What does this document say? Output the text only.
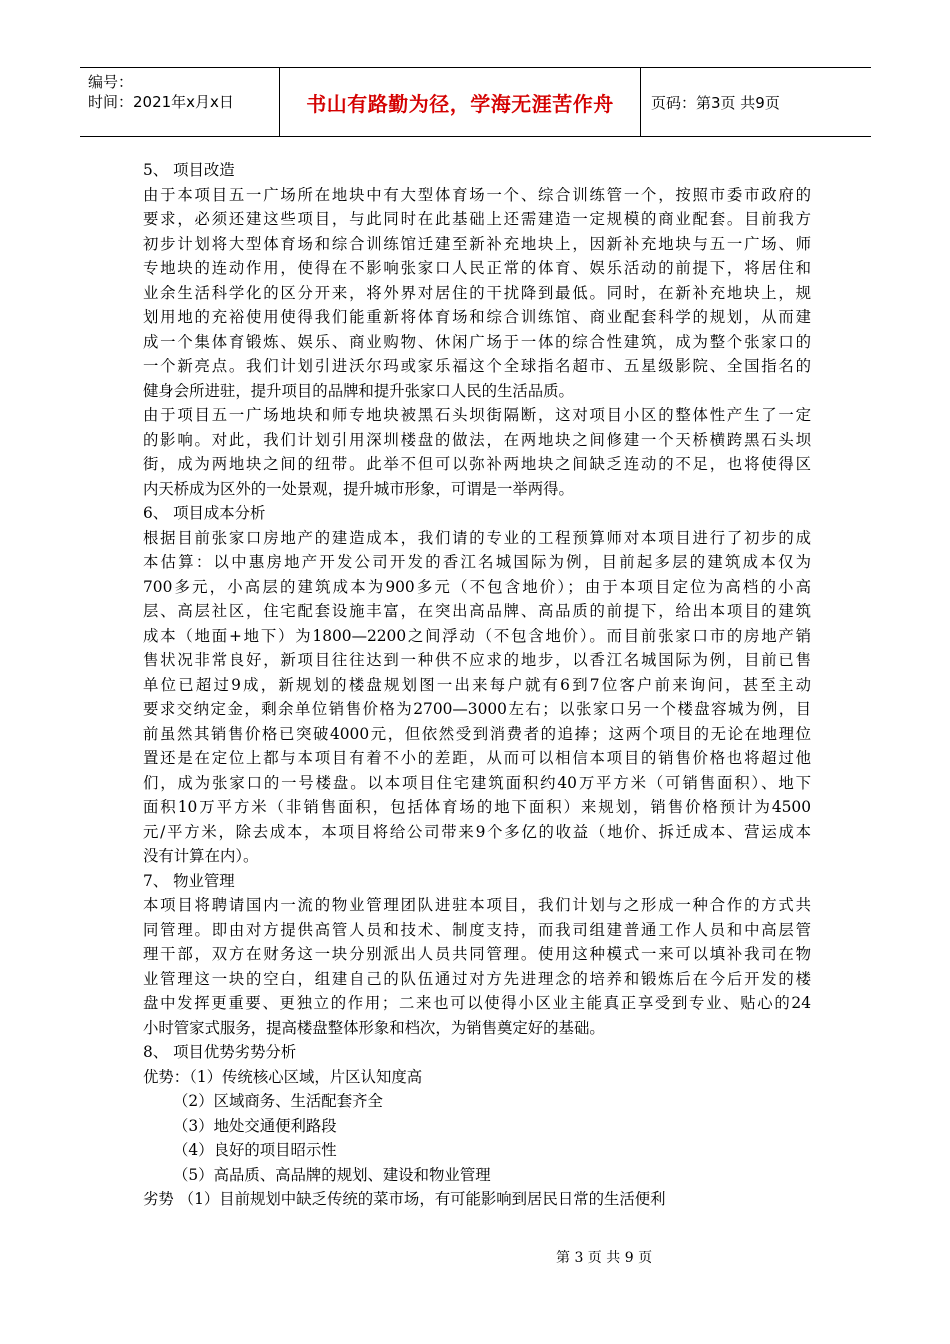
编号：
时间：2021年x月x日	书山有路勤为径，学海无涯苦作舟	页码：第3页 共9页
5、 项目改造
由于本项目五一广场所在地块中有大型体育场一个、综合训练管一个，按照市委市政府的
要求，必须还建这些项目，与此同时在此基础上还需建造一定规模的商业配套。目前我方
初步计划将大型体育场和综合训练馆迁建至新补充地块上，因新补充地块与五一广场、师
专地块的连动作用，使得在不影响张家口人民正常的体育、娱乐活动的前提下，将居住和
业余生活科学化的区分开来，将外界对居住的干扰降到最低。同时，在新补充地块上，规
划用地的充裕使用使得我们能重新将体育场和综合训练馆、商业配套科学的规划，从而建
成一个集体育锻炼、娱乐、商业购物、休闲广场于一体的综合性建筑，成为整个张家口的
一个新亮点。我们计划引进沃尔玛或家乐福这个全球指名超市、五星级影院、全国指名的
健身会所进驻，提升项目的品牌和提升张家口人民的生活品质。
由于项目五一广场地块和师专地块被黑石头坝街隔断，这对项目小区的整体性产生了一定
的影响。对此，我们计划引用深圳楼盘的做法，在两地块之间修建一个天桥横跨黑石头坝
街，成为两地块之间的纽带。此举不但可以弥补两地块之间缺乏连动的不足，也将使得区
内天桥成为区外的一处景观，提升城市形象，可谓是一举两得。
6、 项目成本分析
根据目前张家口房地产的建造成本，我们请的专业的工程预算师对本项目进行了初步的成
本估算：以中惠房地产开发公司开发的香江名城国际为例，目前起多层的建筑成本仅为
700多元，小高层的建筑成本为900多元（不包含地价）；由于本项目定位为高档的小高
层、高层社区，住宅配套设施丰富，在突出高品牌、高品质的前提下，给出本项目的建筑
成本（地面+地下）为1800—2200之间浮动（不包含地价）。而目前张家口市的房地产销
售状况非常良好，新项目往往达到一种供不应求的地步，以香江名城国际为例，目前已售
单位已超过9成，新规划的楼盘规划图一出来每户就有6到7位客户前来询问，甚至主动
要求交纳定金，剩余单位销售价格为2700—3000左右；以张家口另一个楼盘容城为例，目
前虽然其销售价格已突破4000元，但依然受到消费者的追捧；这两个项目的无论在地理位
置还是在定位上都与本项目有着不小的差距，从而可以相信本项目的销售价格也将超过他
们，成为张家口的一号楼盘。以本项目住宅建筑面积约40万平方米（可销售面积）、地下
面积10万平方米（非销售面积，包括体育场的地下面积）来规划，销售价格预计为4500
元/平方米，除去成本，本项目将给公司带来9个多亿的收益（地价、拆迁成本、营运成本
没有计算在内）。
7、 物业管理
本项目将聘请国内一流的物业管理团队进驻本项目，我们计划与之形成一种合作的方式共
同管理。即由对方提供高管人员和技术、制度支持，而我司组建普通工作人员和中高层管
理干部，双方在财务这一块分别派出人员共同管理。使用这种模式一来可以填补我司在物
业管理这一块的空白，组建自己的队伍通过对方先进理念的培养和锻炼后在今后开发的楼
盘中发挥更重要、更独立的作用；二来也可以使得小区业主能真正享受到专业、贴心的24
小时管家式服务，提高楼盘整体形象和档次，为销售奠定好的基础。
8、 项目优势劣势分析
优势：（1）传统核心区域，片区认知度高
（2）区域商务、生活配套齐全
（3）地处交通便利路段
（4）良好的项目昭示性
（5）高品质、高品牌的规划、建设和物业管理
劣势 （1）目前规划中缺乏传统的菜市场，有可能影响到居民日常的生活便利
第 3 页 共 9 页
